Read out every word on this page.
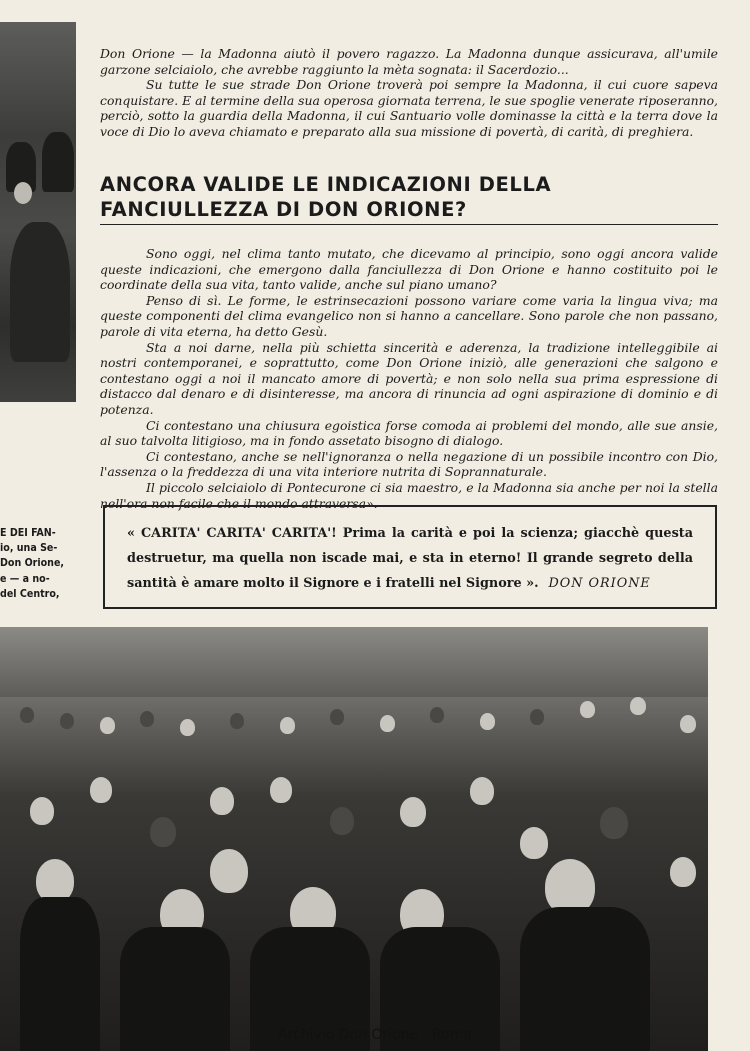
Don Orione — la Madonna aiutò il povero ragazzo. La Madonna dunque assicurava, all'umile garzone selciaiolo, che avrebbe raggiunto la mèta sognata: il Sacerdozio...

Su tutte le sue strade Don Orione troverà poi sempre la Madonna, il cui cuore sapeva conquistare. E al termine della sua operosa giornata terrena, le sue spoglie venerate riposeranno, perciò, sotto la guardia della Madonna, il cui Santuario volle dominasse la città e la terra dove la voce di Dio lo aveva chiamato e preparato alla sua missione di povertà, di carità, di preghiera.

ANCORA VALIDE LE INDICAZIONI DELLA
FANCIULLEZZA DI DON ORIONE?

Sono oggi, nel clima tanto mutato, che dicevamo al principio, sono oggi ancora valide queste indicazioni, che emergono dalla fanciullezza di Don Orione e hanno costituito poi le coordinate della sua vita, tanto valide, anche sul piano umano?

Penso di sì. Le forme, le estrinsecazioni possono variare come varia la lingua viva; ma queste componenti del clima evangelico non si hanno a cancellare. Sono parole che non passano, parole di vita eterna, ha detto Gesù.

Sta a noi darne, nella più schietta sincerità e aderenza, la tradizione intelleggibile ai nostri contemporanei, e soprattutto, come Don Orione iniziò, alle generazioni che salgono e contestano oggi a noi il mancato amore di povertà; e non solo nella sua prima espressione di distacco dal denaro e di disinteresse, ma ancora di rinuncia ad ogni aspirazione di dominio e di potenza.

Ci contestano una chiusura egoistica forse comoda ai problemi del mondo, alle sue ansie, al suo talvolta litigioso, ma in fondo assetato bisogno di dialogo.

Ci contestano, anche se nell'ignoranza o nella negazione di un possibile incontro con Dio, l'assenza o la freddezza di una vita interiore nutrita di Soprannaturale.

Il piccolo selciaiolo di Pontecurone ci sia maestro, e la Madonna sia anche per noi la stella nell'ora non facile che il mondo attraversa».

E DEI FAN-
io, una Se-
Don Orione,
e — a no-
del Centro,

« CARITA' CARITA' CARITA'! Prima la carità e poi la scienza; giacchè questa destruetur, ma quella non iscade mai, e sta in eterno! Il grande segreto della santità è amare molto il Signore e i fratelli nel Signore ». DON ORIONE

Archivio Don Orione - Roma
